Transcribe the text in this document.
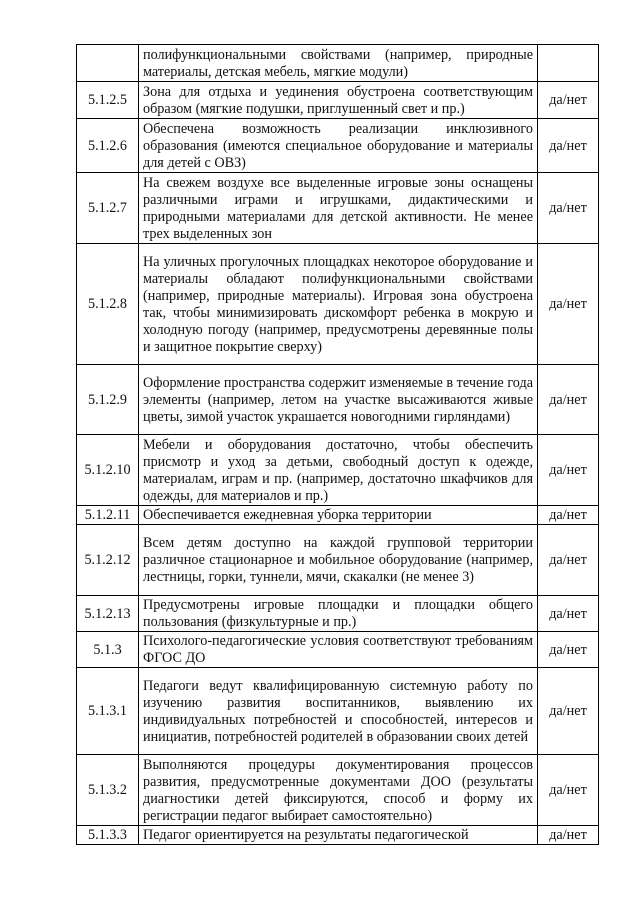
	полифункциональными свойствами (например, природные материалы, детская мебель, мягкие модули)	
5.1.2.5	Зона для отдыха и уединения обустроена соответствующим образом (мягкие подушки, приглушенный свет и пр.)	да/нет
5.1.2.6	Обеспечена возможность реализации инклюзивного образования (имеются специальное оборудование и материалы для детей с ОВЗ)	да/нет
5.1.2.7	На свежем воздухе все выделенные игровые зоны оснащены различными играми и игрушками, дидактическими и природными материалами для детской активности. Не менее трех выделенных зон	да/нет
5.1.2.8	На уличных прогулочных площадках некоторое оборудование и материалы обладают полифункциональными свойствами (например, природные материалы). Игровая зона обустроена так, чтобы минимизировать дискомфорт ребенка в мокрую и холодную погоду (например, предусмотрены деревянные полы и защитное покрытие сверху)	да/нет
5.1.2.9	Оформление пространства содержит изменяемые в течение года элементы (например, летом на участке высаживаются живые цветы, зимой участок украшается новогодними гирляндами)	да/нет
5.1.2.10	Мебели и оборудования достаточно, чтобы обеспечить присмотр и уход за детьми, свободный доступ к одежде, материалам, играм и пр. (например, достаточно шкафчиков для одежды, для материалов и пр.)	да/нет
5.1.2.11	Обеспечивается ежедневная уборка территории	да/нет
5.1.2.12	Всем детям доступно на каждой групповой территории различное стационарное и мобильное оборудование (например, лестницы, горки, туннели, мячи, скакалки (не менее 3)	да/нет
5.1.2.13	Предусмотрены игровые площадки и площадки общего пользования (физкультурные и пр.)	да/нет
5.1.3	Психолого-педагогические условия соответствуют требованиям ФГОС ДО	да/нет
5.1.3.1	Педагоги ведут квалифицированную системную работу по изучению развития воспитанников, выявлению их индивидуальных потребностей и способностей, интересов и инициатив, потребностей родителей в образовании своих детей	да/нет
5.1.3.2	Выполняются процедуры документирования процессов развития, предусмотренные документами ДОО (результаты диагностики детей фиксируются, способ и форму их регистрации педагог выбирает самостоятельно)	да/нет
5.1.3.3	Педагог ориентируется на результаты педагогической	да/нет
